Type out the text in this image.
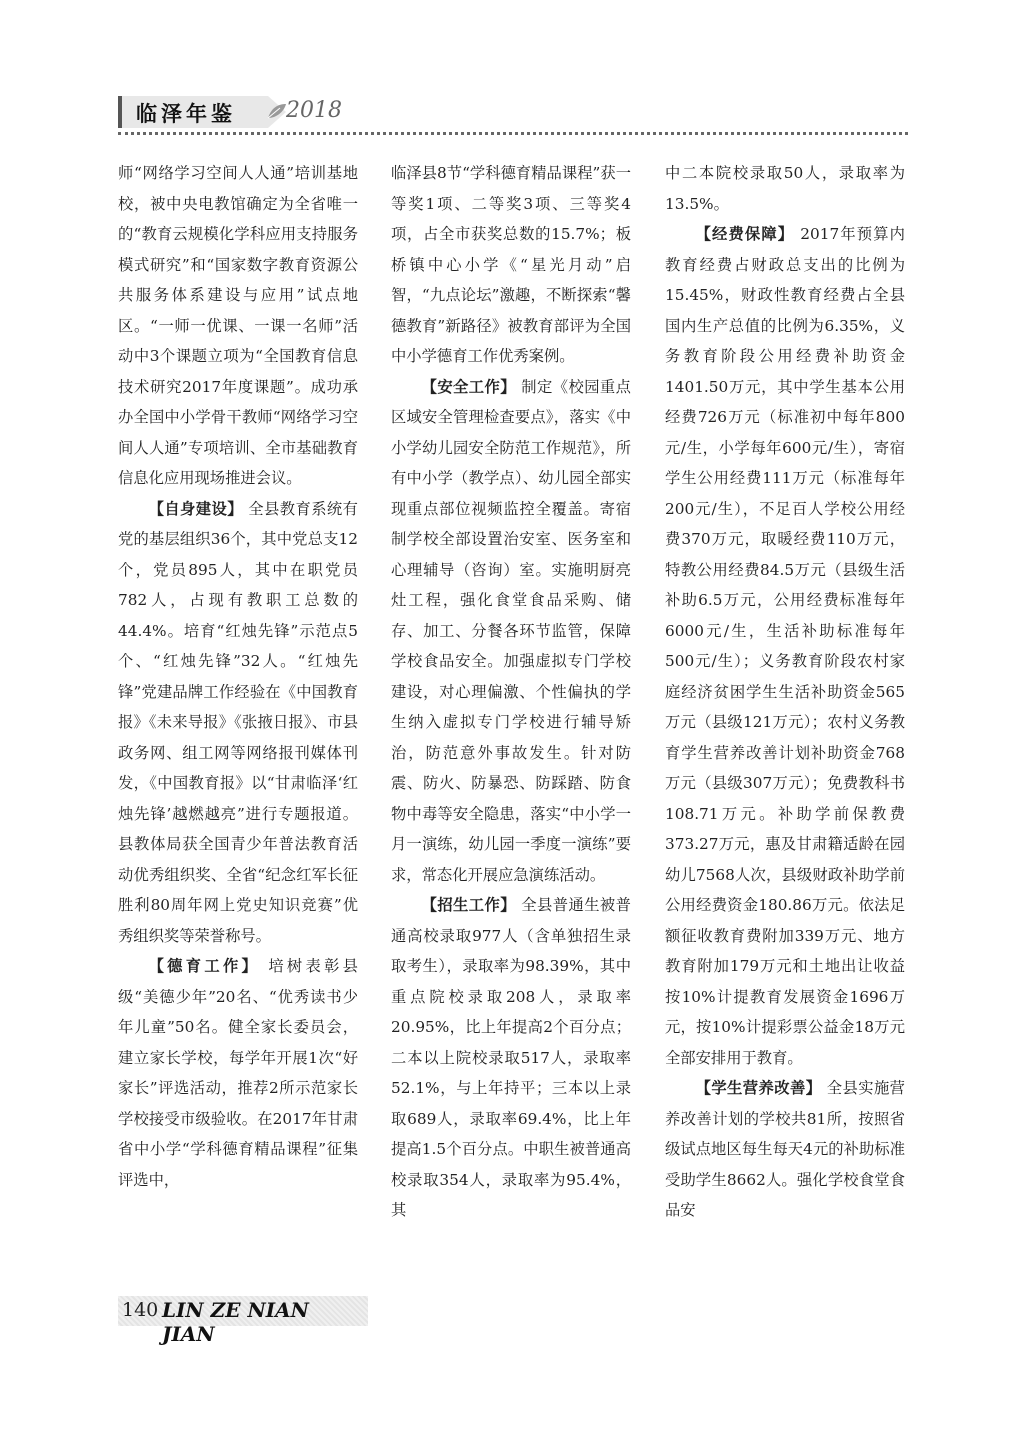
临泽年鉴 2018

师“网络学习空间人人通”培训基地校，被中央电教馆确定为全省唯一的“教育云规模化学科应用支持服务模式研究”和“国家数字教育资源公共服务体系建设与应用”试点地区。“一师一优课、一课一名师”活动中3个课题立项为“全国教育信息技术研究2017年度课题”。成功承办全国中小学骨干教师“网络学习空间人人通”专项培训、全市基础教育信息化应用现场推进会议。

【自身建设】 全县教育系统有党的基层组织36个，其中党总支12个，党员895人，其中在职党员782人，占现有教职工总数的44.4%。培育“红烛先锋”示范点5个、“红烛先锋”32人。“红烛先锋”党建品牌工作经验在《中国教育报》《未来导报》《张掖日报》、市县政务网、组工网等网络报刊媒体刊发，《中国教育报》以“甘肃临泽‘红烛先锋’越燃越亮”进行专题报道。县教体局获全国青少年普法教育活动优秀组织奖、全省“纪念红军长征胜利80周年网上党史知识竞赛”优秀组织奖等荣誉称号。

【德育工作】 培树表彰县级“美德少年”20名、“优秀读书少年儿童”50名。健全家长委员会，建立家长学校，每学年开展1次“好家长”评选活动，推荐2所示范家长学校接受市级验收。在2017年甘肃省中小学“学科德育精品课程”征集评选中，

临泽县8节“学科德育精品课程”获一等奖1项、二等奖3项、三等奖4项，占全市获奖总数的15.7%；板桥镇中心小学《“星光月动”启智，“九点论坛”激趣，不断探索“馨德教育”新路径》被教育部评为全国中小学德育工作优秀案例。

【安全工作】 制定《校园重点区域安全管理检查要点》，落实《中小学幼儿园安全防范工作规范》，所有中小学（教学点）、幼儿园全部实现重点部位视频监控全覆盖。寄宿制学校全部设置治安室、医务室和心理辅导（咨询）室。实施明厨亮灶工程，强化食堂食品采购、储存、加工、分餐各环节监管，保障学校食品安全。加强虚拟专门学校建设，对心理偏激、个性偏执的学生纳入虚拟专门学校进行辅导矫治，防范意外事故发生。针对防震、防火、防暴恐、防踩踏、防食物中毒等安全隐患，落实“中小学一月一演练，幼儿园一季度一演练”要求，常态化开展应急演练活动。

【招生工作】 全县普通生被普通高校录取977人（含单独招生录取考生），录取率为98.39%，其中重点院校录取208人，录取率20.95%，比上年提高2个百分点；二本以上院校录取517人，录取率52.1%，与上年持平；三本以上录取689人，录取率69.4%，比上年提高1.5个百分点。中职生被普通高校录取354人，录取率为95.4%，其

中二本院校录取50人，录取率为13.5%。

【经费保障】 2017年预算内教育经费占财政总支出的比例为15.45%，财政性教育经费占全县国内生产总值的比例为6.35%，义务教育阶段公用经费补助资金1401.50万元，其中学生基本公用经费726万元（标准初中每年800元/生，小学每年600元/生），寄宿学生公用经费111万元（标准每年200元/生），不足百人学校公用经费370万元，取暖经费110万元，特教公用经费84.5万元（县级生活补助6.5万元，公用经费标准每年6000元/生，生活补助标准每年500元/生）；义务教育阶段农村家庭经济贫困学生生活补助资金565万元（县级121万元）；农村义务教育学生营养改善计划补助资金768万元（县级307万元）；免费教科书108.71万元。补助学前保教费373.27万元，惠及甘肃籍适龄在园幼儿7568人次，县级财政补助学前公用经费资金180.86万元。依法足额征收教育费附加339万元、地方教育附加179万元和土地出让收益按10%计提教育发展资金1696万元，按10%计提彩票公益金18万元全部安排用于教育。

【学生营养改善】 全县实施营养改善计划的学校共81所，按照省级试点地区每生每天4元的补助标准受助学生8662人。强化学校食堂食品安

140 LIN ZE NIAN JIAN
